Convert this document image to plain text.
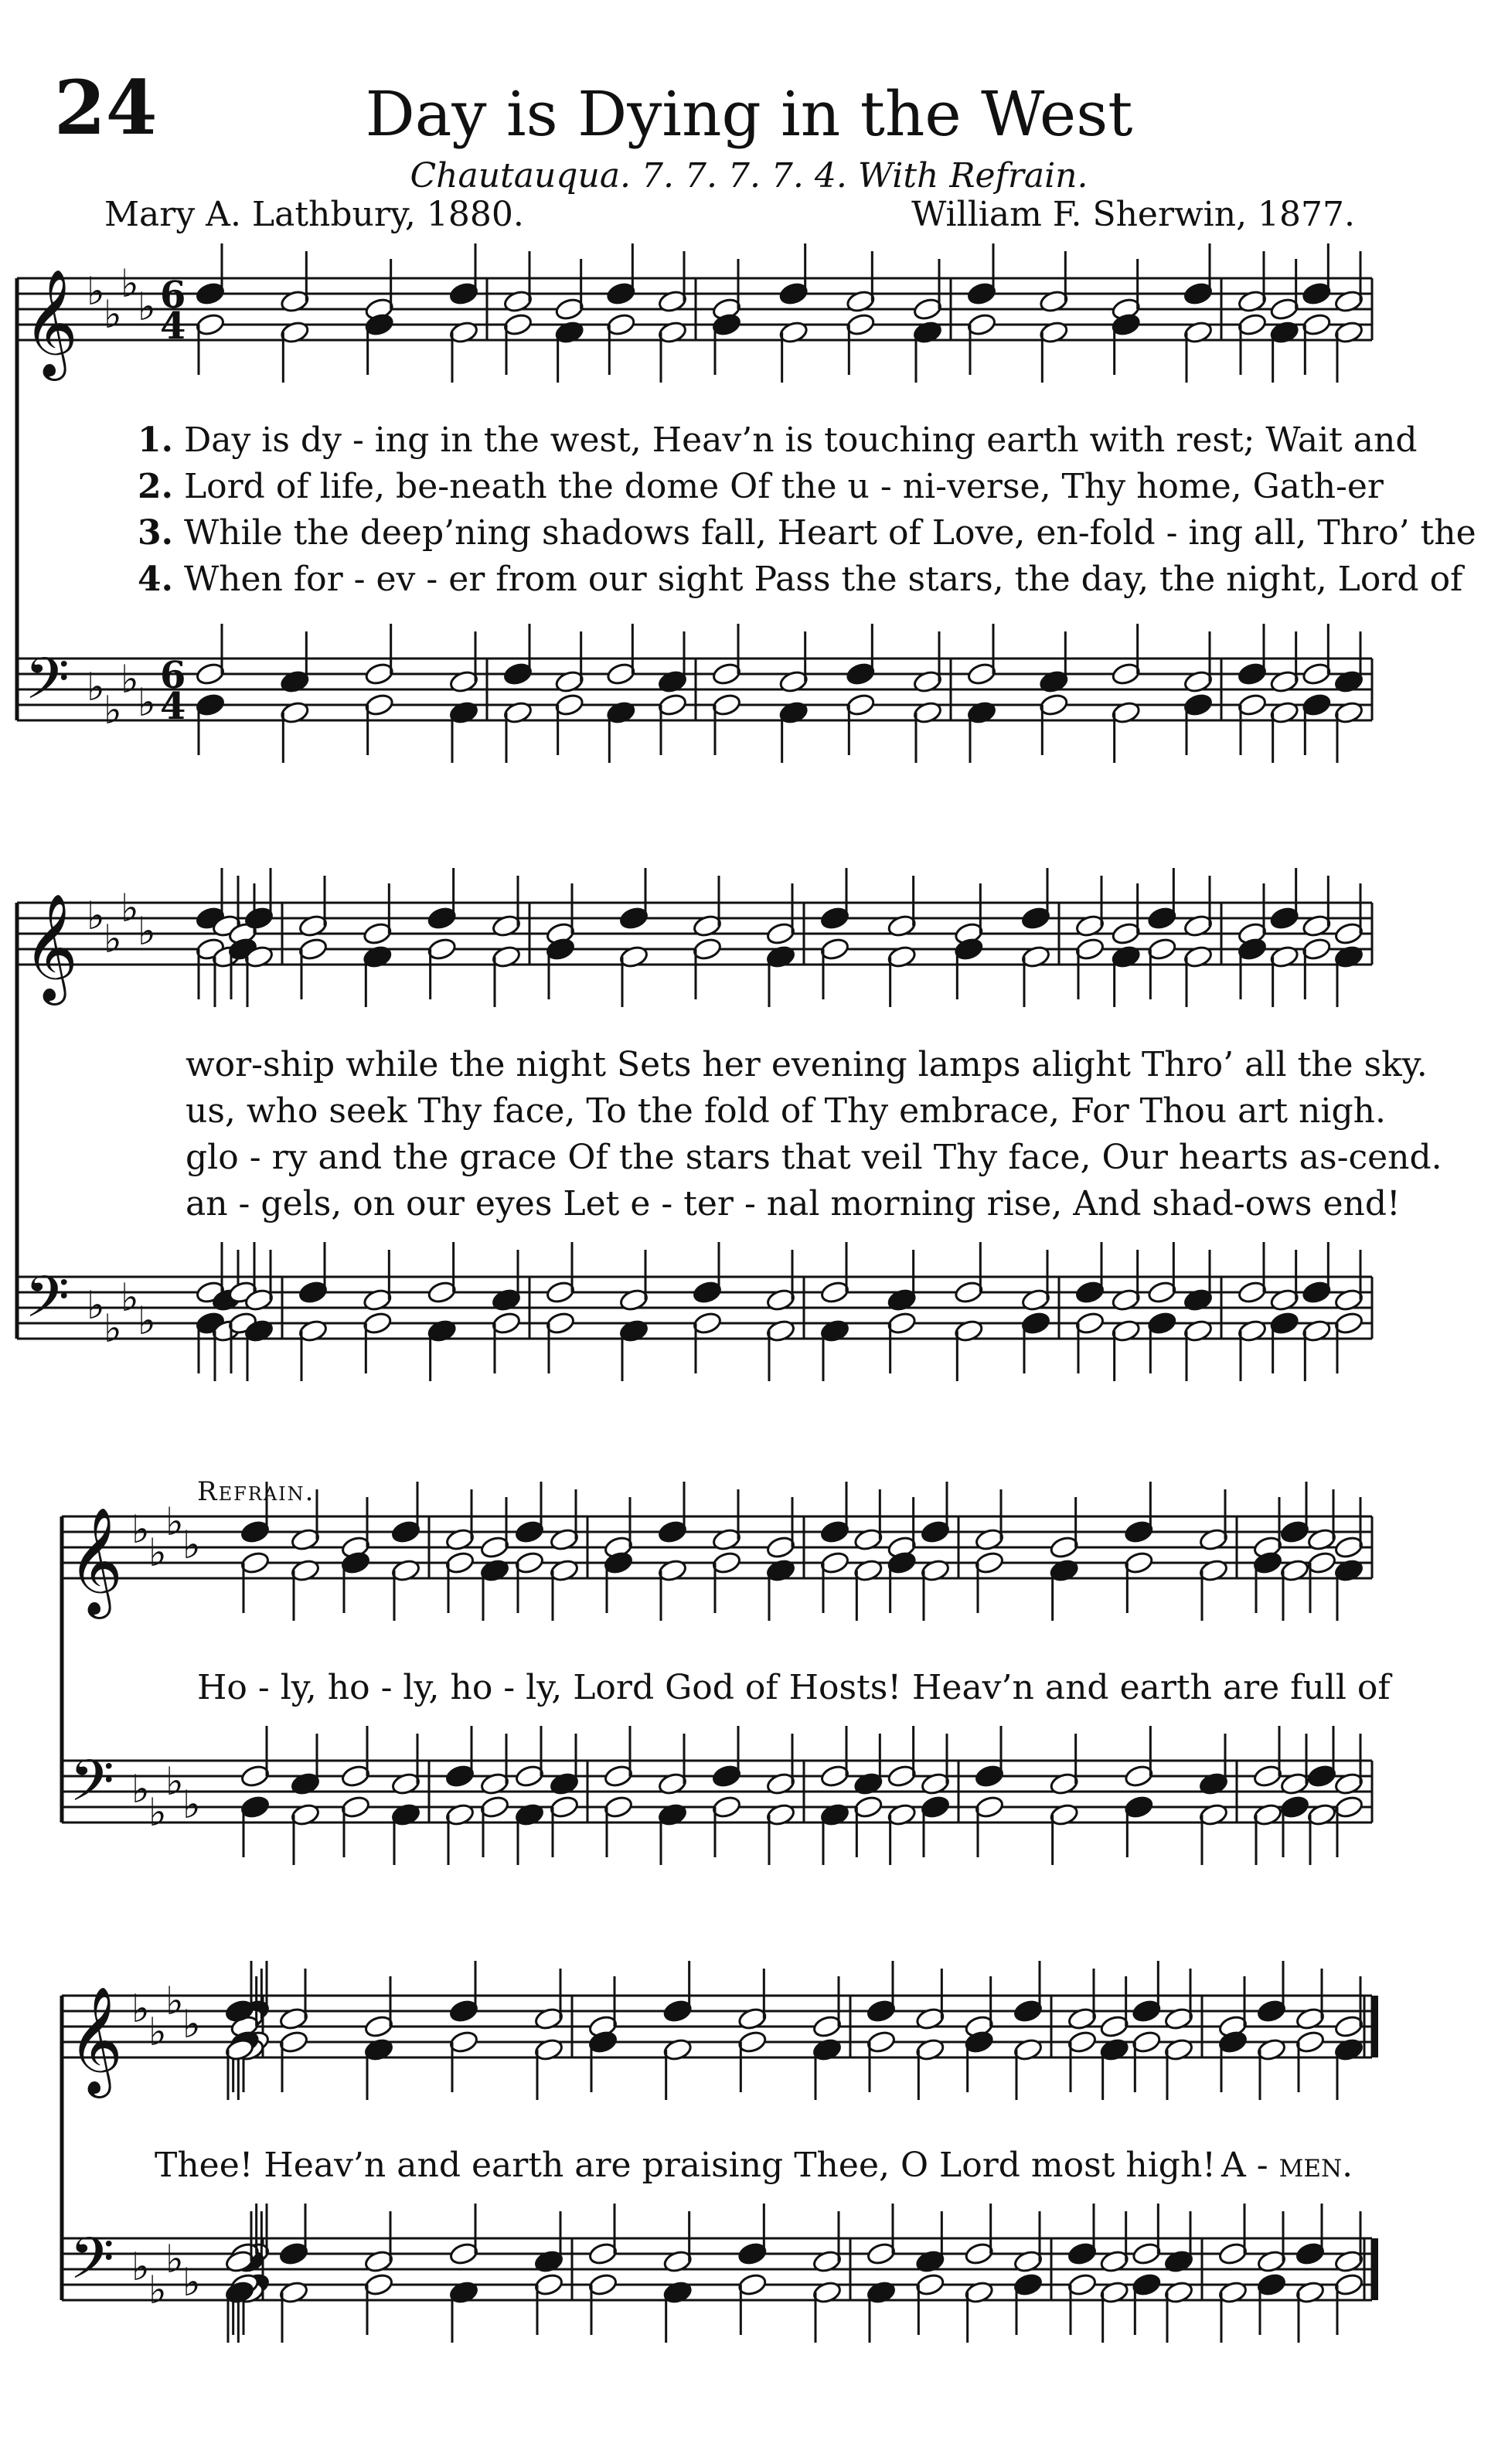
24	Day is Dying in the West
Chautauqua. 7. 7. 7. 7. 4. With Refrain.
Mary A. Lathbury, 1880.	William F. Sherwin, 1877.
𝄞
𝄢
♭
♭
♭
♭
♭
♭
♭
♭
𝄞
𝄢
♭
♭
♭
♭
♭
♭
♭
♭
𝄞
𝄢
♭
♭
♭
♭
♭
♭
♭
♭
𝄞
𝄢
♭
♭
♭
♭
♭
♭
♭
♭
6
4
6
4
1. Day is dy - ing in the west, Heav’n is touching earth with rest; Wait and
2. Lord of life, be-neath the dome Of the u - ni-verse, Thy home, Gath-er
3. While the deep’ning shadows fall, Heart of Love, en-fold - ing all, Thro’ the
4. When for - ev - er from our sight Pass the stars, the day, the night, Lord of
wor-ship while the night Sets her evening lamps alight Thro’ all the sky.
us, who seek Thy face, To the fold of Thy embrace, For Thou art nigh.
glo - ry and the grace Of the stars that veil Thy face, Our hearts as-cend.
an - gels, on our eyes Let e - ter - nal morning rise, And shad-ows end!
Refrain.
Ho - ly, ho - ly, ho - ly, Lord God of Hosts! Heav’n and earth are full of
Thee! Heav’n and earth are praising Thee, O Lord most high! A - men.
